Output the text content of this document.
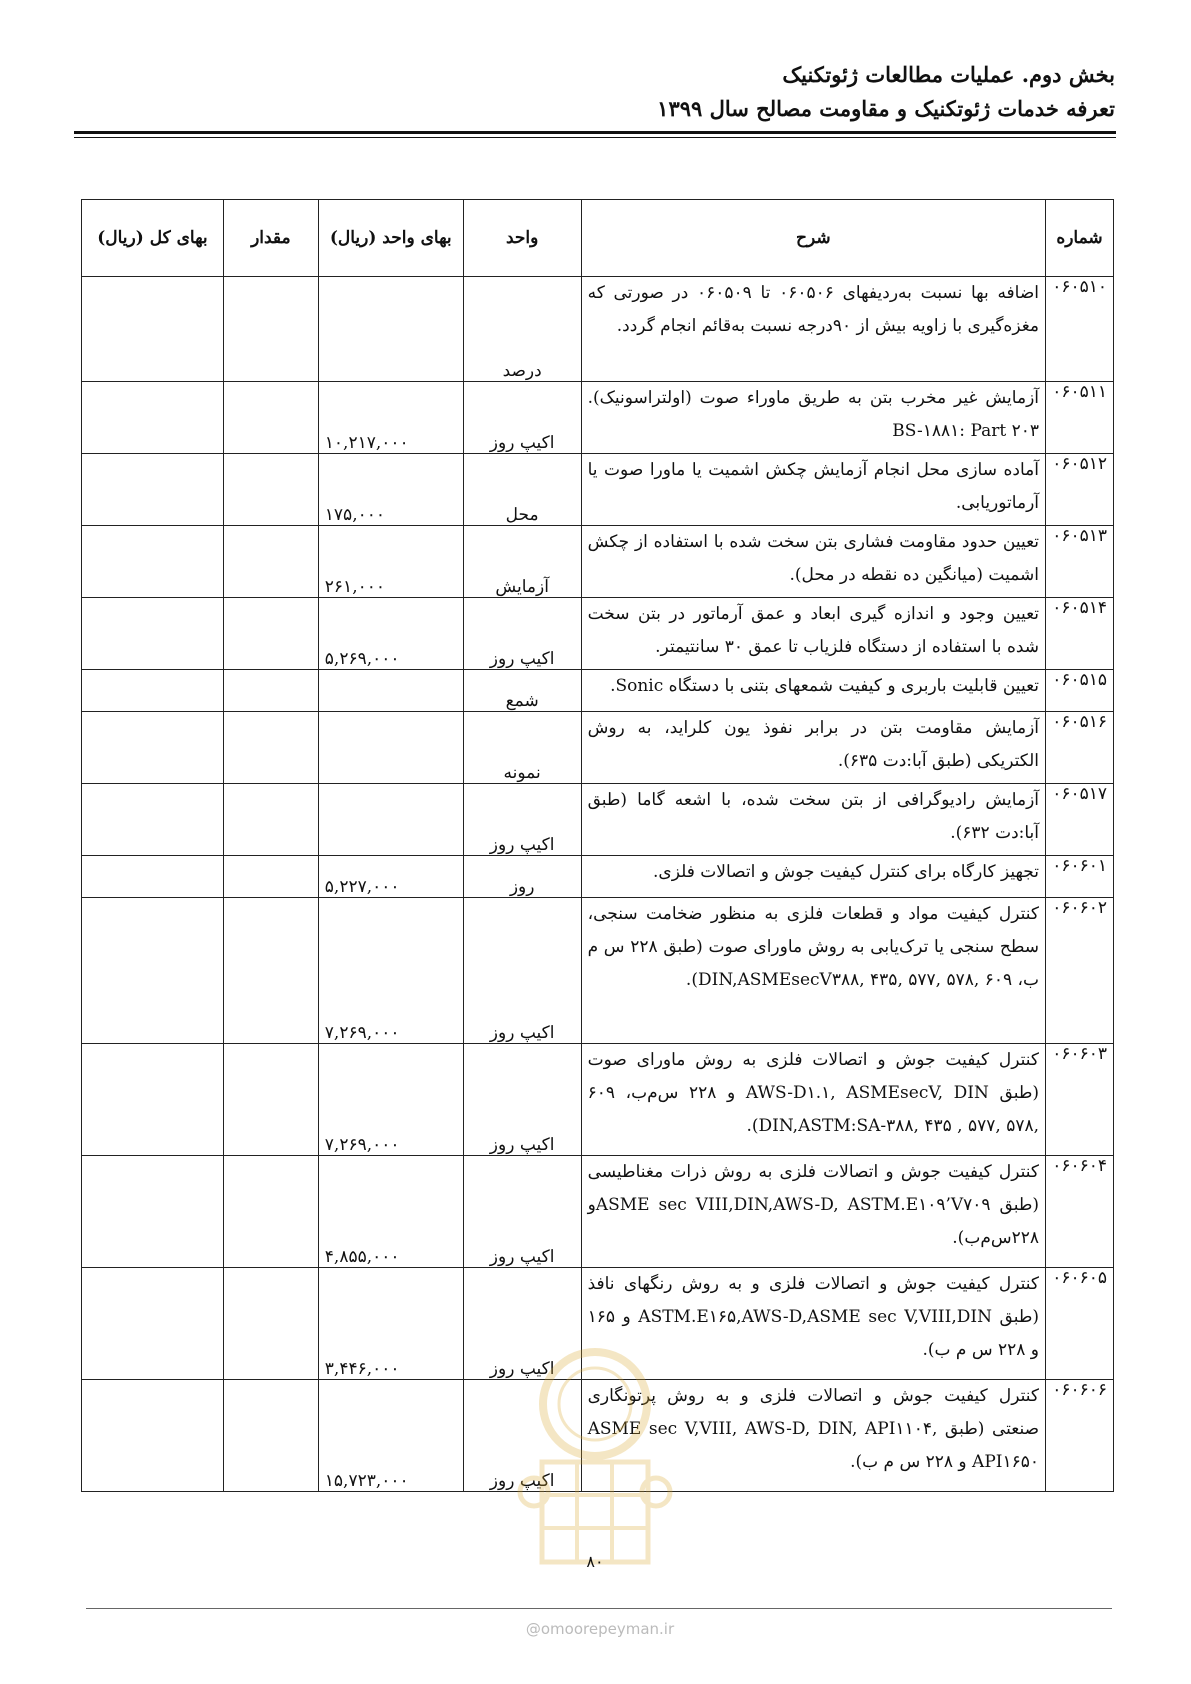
بخش دوم. عملیات مطالعات ژئوتکنیک
تعرفه خدمات ژئوتکنیک و مقاومت مصالح سال ۱۳۹۹
شماره	شرح	واحد	بهای واحد (ریال)	مقدار	بهای کل (ریال)
۰۶۰۵۱۰	اضافه بها نسبت به‌ردیفهای ۰۶۰۵۰۶ تا ۰۶۰۵۰۹ در صورتی که مغزه‌گیری با زاویه بیش از ۹۰درجه نسبت به‌قائم انجام گردد.	درصد			
۰۶۰۵۱۱	آزمایش غیر مخرب بتن به طریق ماوراء صوت (اولتراسونیک). BS-۱۸۸۱: Part ۲۰۳	اکیپ روز	۱۰,۲۱۷,۰۰۰		
۰۶۰۵۱۲	آماده سازی محل انجام آزمایش چکش اشمیت یا ماورا صوت یا آرماتوریابی.	محل	۱۷۵,۰۰۰		
۰۶۰۵۱۳	تعیین حدود مقاومت فشاری بتن سخت شده با استفاده از چکش اشمیت (میانگین ده نقطه در محل).	آزمایش	۲۶۱,۰۰۰		
۰۶۰۵۱۴	تعیین وجود و اندازه گیری ابعاد و عمق آرماتور در بتن سخت شده با استفاده از دستگاه فلزیاب تا عمق ۳۰ سانتیمتر.	اکیپ روز	۵,۲۶۹,۰۰۰		
۰۶۰۵۱۵	تعیین قابلیت باربری و کیفیت شمعهای بتنی با دستگاه Sonic.	شمع			
۰۶۰۵۱۶	آزمایش مقاومت بتن در برابر نفوذ یون کلراید، به روش الکتریکی (طبق آبا:دت ۶۳۵).	نمونه			
۰۶۰۵۱۷	آزمایش رادیوگرافی از بتن سخت شده، با اشعه گاما (طبق آبا:دت ۶۳۲).	اکیپ روز			
۰۶۰۶۰۱	تجهیز کارگاه برای کنترل کیفیت جوش و اتصالات فلزی.	روز	۵,۲۲۷,۰۰۰		
۰۶۰۶۰۲	کنترل کیفیت مواد و قطعات فلزی به منظور ضخامت سنجی، سطح سنجی یا ترک‌یابی به روش ماورای صوت (طبق ۲۲۸ س م ب، ۶۰۹ ,۵۷۸ ,۵۷۷ ,۴۳۵ ,DIN,ASMEsecV۳۸۸).	اکیپ روز	۷,۲۶۹,۰۰۰		
۰۶۰۶۰۳	کنترل کیفیت جوش و اتصالات فلزی به روش ماورای صوت (طبق AWS-D۱.۱, ASMEsecV, DIN و ۲۲۸ س‌م‌ب، ۶۰۹ ,۵۷۸ ,۵۷۷ , ۴۳۵ ,DIN,ASTM:SA-۳۸۸).	اکیپ روز	۷,۲۶۹,۰۰۰		
۰۶۰۶۰۴	کنترل کیفیت جوش و اتصالات فلزی به روش ذرات مغناطیسی (طبق ASME sec VIII,DIN,AWS-D, ASTM.E۱۰۹’V۷۰۹و ۲۲۸س‌م‌ب).	اکیپ روز	۴,۸۵۵,۰۰۰		
۰۶۰۶۰۵	کنترل کیفیت جوش و اتصالات فلزی و به روش رنگهای نافذ (طبق ASTM.E۱۶۵,AWS-D,ASME sec V,VIII,DIN و ۱۶۵ و ۲۲۸ س م ب).	اکیپ روز	۳,۴۴۶,۰۰۰		
۰۶۰۶۰۶	کنترل کیفیت جوش و اتصالات فلزی و به روش پرتونگاری صنعتی (طبق ASME sec V,VIII, AWS-D, DIN, API۱۱۰۴, API۱۶۵۰ و ۲۲۸ س م ب).	اکیپ روز	۱۵,۷۲۳,۰۰۰		
۸۰
@omoorepeyman.ir
